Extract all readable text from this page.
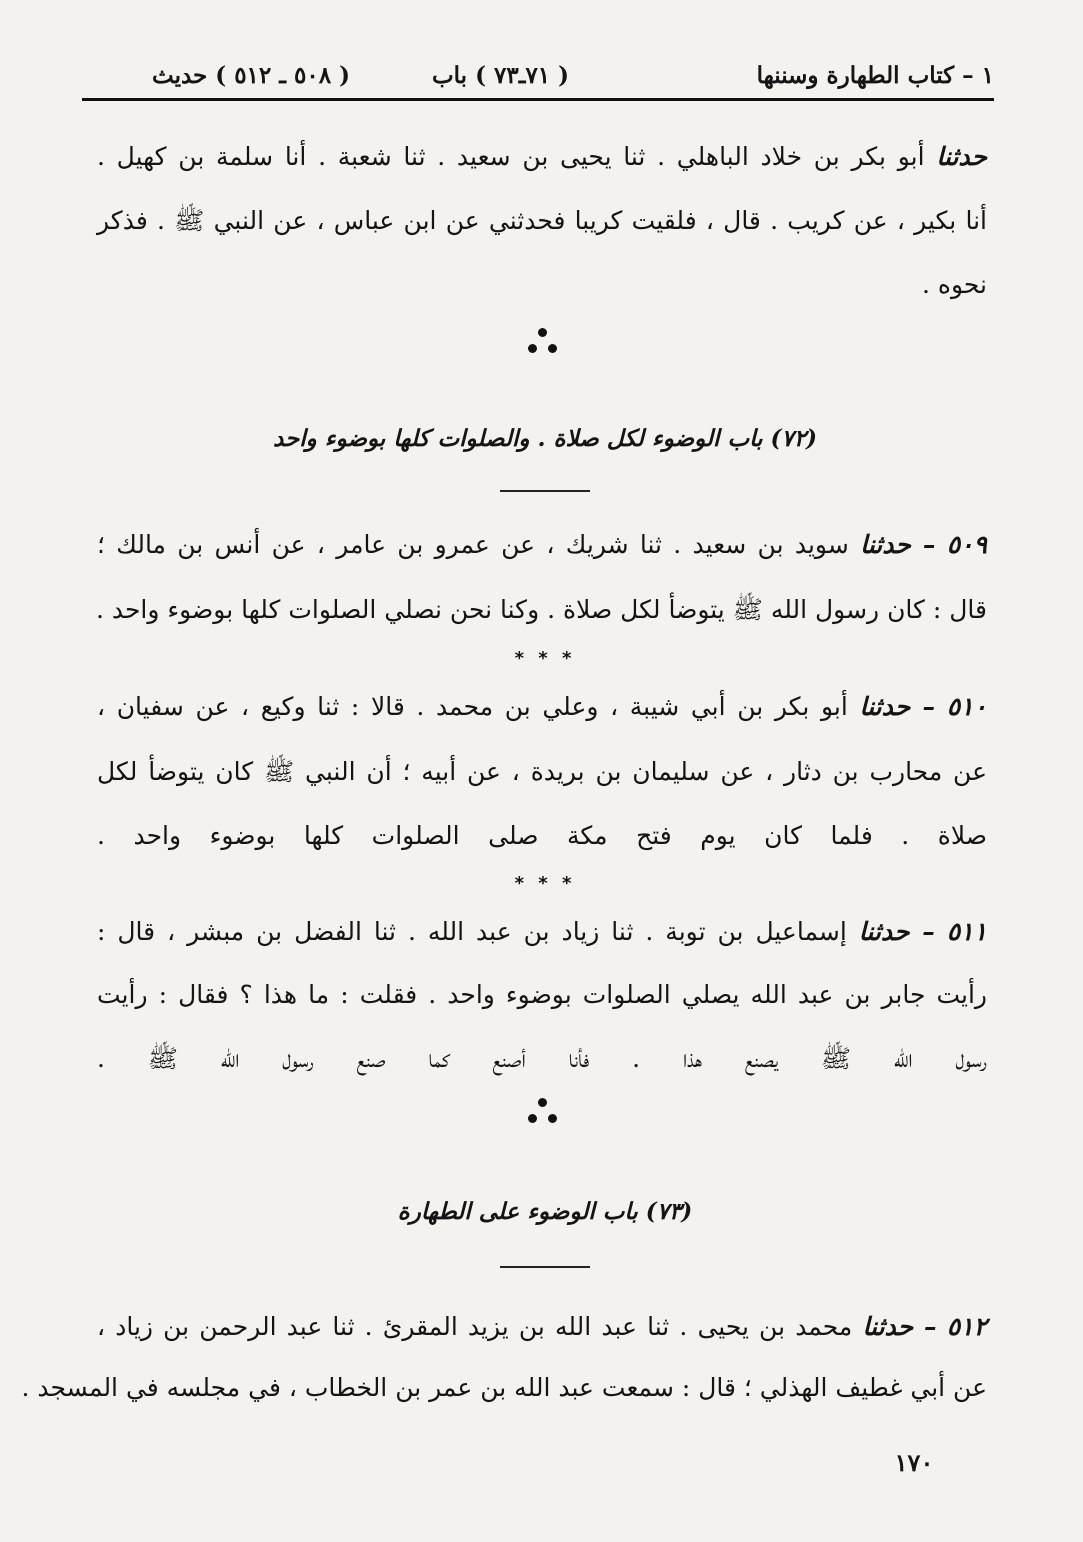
١ – كتاب الطهارة وسننها
( ٧١ـ٧٣ ) باب
( ٥٠٨ ـ ٥١٢ ) حديث
حدثنا أبو بكر بن خلاد الباهلي . ثنا يحيى بن سعيد . ثنا شعبة . أنا سلمة بن كهيل .
أنا بكير ، عن كريب . قال ، فلقيت كريبا فحدثني عن ابن عباس ، عن النبي ﷺ . فذكر
نحوه .
(٧٢) باب الوضوء لكل صلاة . والصلوات كلها بوضوء واحد
٥٠٩ – حدثنا سويد بن سعيد . ثنا شريك ، عن عمرو بن عامر ، عن أنس بن مالك ؛
قال : كان رسول الله ﷺ يتوضأ لكل صلاة . وكنا نحن نصلي الصلوات كلها بوضوء واحد .
* * *
٥١٠ – حدثنا أبو بكر بن أبي شيبة ، وعلي بن محمد . قالا : ثنا وكيع ، عن سفيان ،
عن محارب بن دثار ، عن سليمان بن بريدة ، عن أبيه ؛ أن النبي ﷺ كان يتوضأ لكل
صلاة . فلما كان يوم فتح مكة صلى الصلوات كلها بوضوء واحد .
* * *
٥١١ – حدثنا إسماعيل بن توبة . ثنا زياد بن عبد الله . ثنا الفضل بن مبشر ، قال :
رأيت جابر بن عبد الله يصلي الصلوات بوضوء واحد . فقلت : ما هذا ؟ فقال : رأيت
رسول الله ﷺ يصنع هذا . فأنا أصنع كما صنع رسول الله ﷺ .
(٧٣) باب الوضوء على الطهارة
٥١٢ – حدثنا محمد بن يحيى . ثنا عبد الله بن يزيد المقرئ . ثنا عبد الرحمن بن زياد ،
عن أبي غطيف الهذلي ؛ قال : سمعت عبد الله بن عمر بن الخطاب ، في مجلسه في المسجد .
١٧٠
